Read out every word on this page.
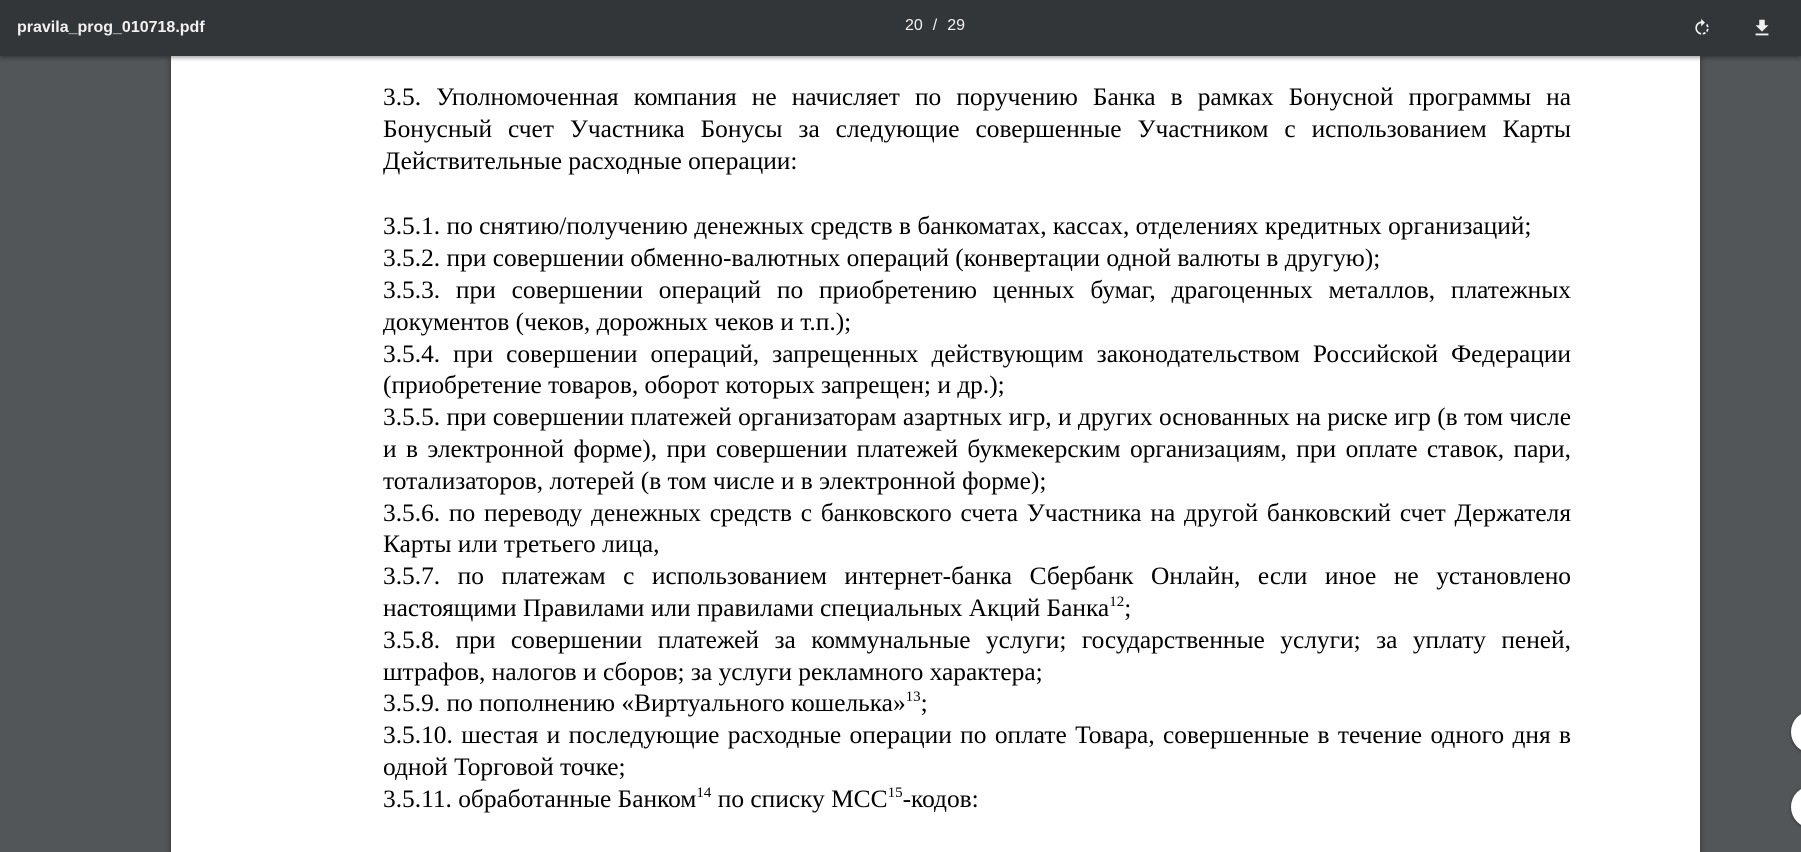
pravila_prog_010718.pdf	20 / 29

3.5. Уполномоченная компания не начисляет по поручению Банка в рамках Бонусной программы на Бонусный счет Участника Бонусы за следующие совершенные Участником с использованием Карты Действительные расходные операции:

3.5.1. по снятию/получению денежных средств в банкоматах, кассах, отделениях кредитных организаций;

3.5.2. при совершении обменно-валютных операций (конвертации одной валюты в другую);

3.5.3. при совершении операций по приобретению ценных бумаг, драгоценных металлов, платежных документов (чеков, дорожных чеков и т.п.);

3.5.4. при совершении операций, запрещенных действующим законодательством Российской Федерации (приобретение товаров, оборот которых запрещен; и др.);

3.5.5. при совершении платежей организаторам азартных игр, и других основанных на риске игр (в том числе и в электронной форме), при совершении платежей букмекерским организациям, при оплате ставок, пари, тотализаторов, лотерей (в том числе и в электронной форме);

3.5.6. по переводу денежных средств с банковского счета Участника на другой банковский счет Держателя Карты или третьего лица,

3.5.7. по платежам с использованием интернет-банка Сбербанк Онлайн, если иное не установлено настоящими Правилами или правилами специальных Акций Банка$^{12}$;

3.5.8. при совершении платежей за коммунальные услуги; государственные услуги; за уплату пеней, штрафов, налогов и сборов; за услуги рекламного характера;

3.5.9. по пополнению «Виртуального кошелька»$^{13}$;

3.5.10. шестая и последующие расходные операции по оплате Товара, совершенные в течение одного дня в одной Торговой точке;

3.5.11. обработанные Банком$^{14}$ по списку МСС$^{15}$-кодов:
